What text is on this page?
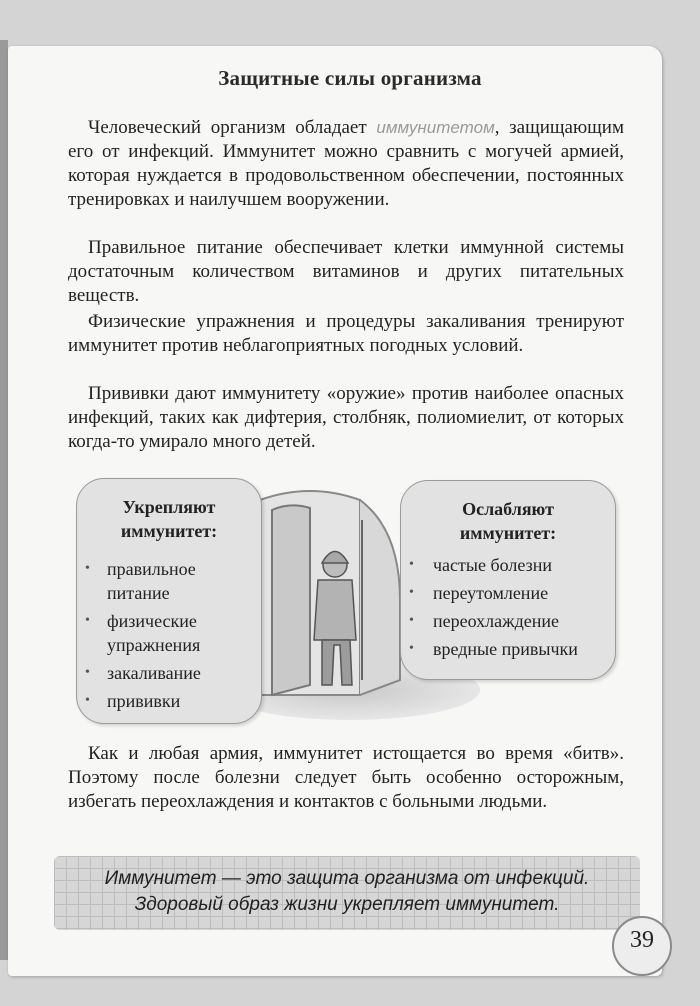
Защитные силы организма

Человеческий организм обладает иммунитетом, защищающим его от инфекций. Иммунитет можно сравнить с могучей армией, которая нуждается в продовольственном обеспечении, постоянных тренировках и наилучшем вооружении.

Правильное питание обеспечивает клетки иммунной системы достаточным количеством витаминов и других питательных веществ.

Физические упражнения и процедуры закаливания тренируют иммунитет против неблагоприятных погодных условий.

Прививки дают иммунитету «оружие» против наиболее опасных инфекций, таких как дифтерия, столбняк, полиомиелит, от которых когда-то умирало много детей.

Укрепляют
иммунитет:
• правильное питание
• физические упражнения
• закаливание
• прививки
Ослабляют
иммунитет:
• частые болезни
• переутомление
• переохлаждение
• вредные привычки

Как и любая армия, иммунитет истощается во время «битв». Поэтому после болезни следует быть особенно осторожным, избегать переохлаждения и контактов с больными людьми.

Иммунитет — это защита организма от инфекций.
Здоровый образ жизни укрепляет иммунитет.
39
